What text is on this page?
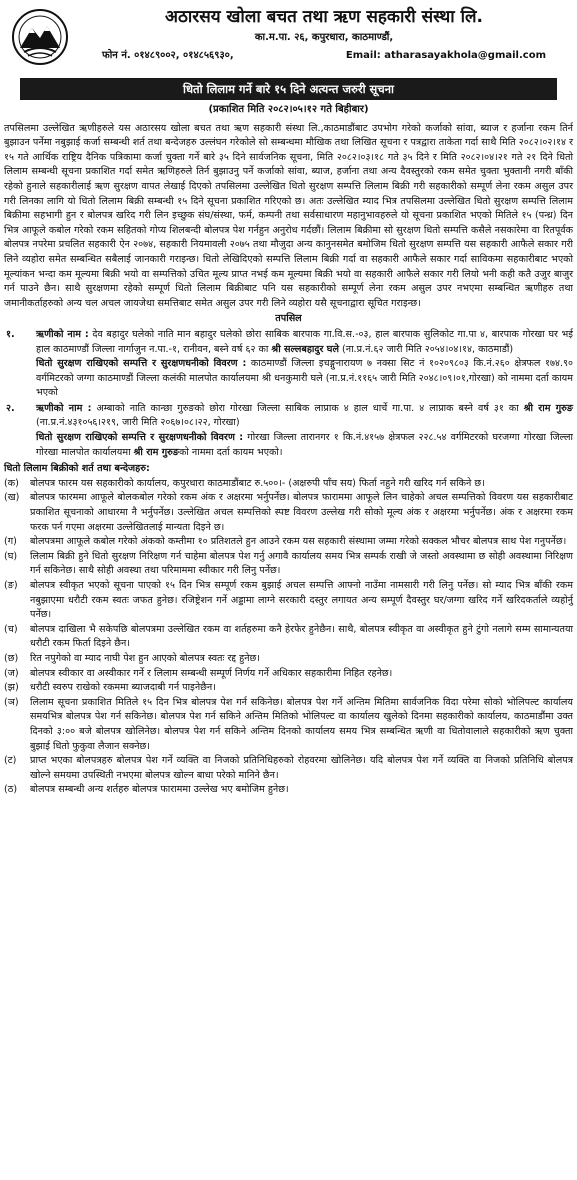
अठारसय खोला बचत तथा ऋण सहकारी संस्था लि.
का.म.पा. २६, कपुरधारा, काठमाण्डौं,
फोन नं. ०१४८९००२, ०१४८५६९३०,	Email: atharasayakhola@gmail.com
धितो लिलाम गर्ने बारे १५ दिने अत्यन्त जरुरी सूचना
(प्रकाशित मिति २०८२।०५।१२ गते बिहीबार)

तपसिलमा उल्लेखित ऋणीहरुले यस अठारसय खोला बचत तथा ऋण सहकारी संस्था लि.,काठमाडौंबाट उपभोग गरेको कर्जाको सांवा, ब्याज र हर्जाना रकम तिर्न बुझाउन पर्नेमा नबुझाई कर्जा सम्बन्धी शर्त तथा बन्देजहरु उल्लंघन गरेकोले सो सम्बन्धमा मौखिक तथा लिखित सूचना र पत्रद्वारा ताकेता गर्दा साथै मिति २०८२।०२।१४ र १५ गते आर्थिक राष्ट्रिय दैनिक पत्रिकामा कर्जा चुक्ता गर्ने बारे ३५ दिने सार्वजनिक सूचना, मिति २०८२।०३।१८ गते ३५ दिने र मिति २०८२।०४।२१ गते २१ दिने धितो लिलाम सम्बन्धी सूचना प्रकाशित गर्दा समेत ऋणिहरुले तिर्न बुझाउनु पर्ने कर्जाको सांवा, ब्याज, हर्जाना तथा अन्य दैवस्तुरको रकम समेत चुक्ता भुक्तानी नगरी बाँकी रहेको हुनाले सहकारीलाई ऋण सुरक्षण वापत लेखाई दिएको तपसिलमा उल्लेखित धितो सुरक्षण सम्पत्ति लिलाम बिक्री गरी सहकारीको सम्पूर्ण लेना रकम असुल उपर गरी लिनका लागि यो धितो लिलाम बिक्री सम्बन्धी १५ दिने सूचना प्रकाशित गरिएको छ। अतः उल्लेखित म्याद भित्र तपसिलमा उल्लेखित धितो सुरक्षण सम्पत्ति लिलाम बिक्रीमा सहभागी हुन र बोलपत्र खरिद गरी लिन इच्छुक संघ/संस्था, फर्म, कम्पनी तथा सर्वसाधारण महानुभावहरुले यो सूचना प्रकाशित भएको मितिले १५ (पन्ध्र) दिन भित्र आफूले कबोल गरेको रकम सहितको गोप्य शिलबन्दी बोलपत्र पेश गर्नहुन अनुरोध गर्दछौं। लिलाम बिक्रीमा सो सुरक्षण धितो सम्पत्ति कसैले नसकारेमा वा रितपूर्वक बोलपत्र नपरेमा प्रचलित सहकारी ऐन २०७४, सहकारी नियमावली २०७५ तथा मौजुदा अन्य कानुनसमेत बमोजिम धितो सुरक्षण सम्पत्ति यस सहकारी आफैले सकार गरी लिने व्यहोरा समेत सम्बन्धित सबैलाई जानकारी गराइन्छ। धितो लेखिदिएको सम्पत्ति लिलाम बिक्री गर्दा वा सहकारी आफैले सकार गर्दा साविकमा सहकारीबाट भएको मूल्यांकन भन्दा कम मूल्यमा बिक्री भयो वा सम्पत्तिको उचित मूल्य प्राप्त नभई कम मूल्यमा बिक्री भयो वा सहकारी आफैले सकार गरी लियो भनी कही कतै उजुर बाजुर गर्न पाउने छैन। साथै सुरक्षणमा रहेको सम्पूर्ण धितो लिलाम बिक्रीबाट पनि यस सहकारीको सम्पूर्ण लेना रकम असुल उपर नभएमा सम्बन्धित ऋणीहरु तथा जमानीकर्ताहरुको अन्य चल अचल जायजेथा समत्तिबाट समेत असुल उपर गरी लिने व्यहोरा यसै सूचनाद्वारा सूचित गराइन्छ।

तपसिल
१.	ऋणीको नाम : देव बहादुर घलेको नाति मान बहादुर घलेको छोरा साबिक बारपाक गा.वि.स.-०३, हाल बारपाक सुलिकोट गा.पा ४, बारपाक गोरखा घर भई हाल काठमाण्डौं जिल्ला नार्गाजुन न.पा.-१, रानीवन, बस्ने वर्ष ६२ का श्री सल्लबहादुर घले (ना.प्र.नं.६२ जारी मिति २०५४।०४।१४, काठमाडौं)
धितो सुरक्षण राखिएको सम्पत्ति र सुरक्षणधनीको विवरण : काठमाण्डौं जिल्ला इचङ्गुनारायण ७ नक्सा सिट नं १०२०९८०३ कि.नं.२६० क्षेत्रफल १७४.९० वर्गमिटरको जग्गा काठमाण्डौं जिल्ला कलंकी मालपोत कार्यालयमा श्री धनकुमारी घले (ना.प्र.नं.११६५ जारी मिति २०४८।०९।०१,गोरखा) को नाममा दर्ता कायम भएको
२.	ऋणीको नाम : अम्बाको नाति कान्छा गुरुङको छोरा गोरखा जिल्ला साबिक लाप्राक ४ हाल धार्चे गा.पा. ४ लाप्राक बस्ने वर्ष ३१ का श्री राम गुरुङ (ना.प्र.नं.४३१०५६।२१९, जारी मिति २०६७।०८।२२, गोरखा)
धितो सुरक्षण राखिएको सम्पत्ति र सुरक्षणधनीको विवरण : गोरखा जिल्ला तारानगर १ कि.नं.४१५७ क्षेत्रफल २२८.५४ वर्गमिटरको घरजग्गा गोरखा जिल्ला गोरखा मालपोत कार्यालयमा श्री राम गुरुङको नाममा दर्ता कायम भएको।
धितो लिलाम बिक्रीको शर्त तथा बन्देजहरु:
(क)	बोलपत्र फारम यस सहकारीको कार्यालय, कपुरधारा काठमाडौंबाट रु.५००।- (अक्षरुपी पाँच सय) फिर्ता नहुने गरी खरिद गर्न सकिने छ।
(ख)	बोलपत्र फारममा आफूले बोलकबोल गरेको रकम अंक र अक्षरमा भर्नुपर्नेछ। बोलपत्र फाराममा आफूले लिन चाहेको अचल सम्पत्तिको विवरण यस सहकारीबाट प्रकाशित सूचनाको आधारमा नै भर्नुपर्नेछ। उल्लेखित अचल सम्पत्तिको स्पष्ट विवरण उल्लेख गरी सोको मूल्य अंक र अक्षरमा भर्नुपर्नेछ। अंक र अक्षरमा रकम फरक पर्न गएमा अक्षरमा उल्लेखितलाई मान्यता दिइने छ।
(ग)	बोलपत्रमा आफूले कबोल गरेको अंकको कम्तीमा १० प्रतिशतले हुन आउने रकम यस सहकारी संस्थामा जम्मा गरेको सक्कल भौचर बोलपत्र साथ पेश गनुपर्नेछ।
(घ)	लिलाम बिक्री हुने धितो सुरक्षण निरिक्षण गर्न चाहेमा बोलपत्र पेश गर्नु अगावै कार्यालय समय भित्र सम्पर्क राखी जे जस्तो अवस्थामा छ सोही अवस्थामा निरिक्षण गर्न सकिनेछ। साथै सोही अवस्था तथा परिमाममा स्वीकार गरी लिनु पर्नेछ।
(ङ)	बोलपत्र स्वीकृत भएको सूचना पाएको १५ दिन भित्र सम्पूर्ण रकम बुझाई अचल सम्पत्ति आफ्नो नाउँमा नामसारी गरी लिनु पर्नेछ। सो म्याद भित्र बाँकी रकम नबुझाएमा धरौटी रकम स्वतः जफत हुनेछ। रजिष्ट्रेशन गर्ने अड्डामा लाग्ने सरकारी दस्तुर लगायत अन्य सम्पूर्ण दैवस्तुर घर/जग्गा खरिद गर्ने खरिदकर्ताले व्यहोर्नु पर्नेछ।
(च)	बोलपत्र दाखिला भै सकेपछि बोलपत्रमा उल्लेखित रकम वा शर्तहरुमा कनै हेरफेर हुनेछैन। साथै, बोलपत्र स्वीकृत वा अस्वीकृत हुने टुंगो नलागे सम्म सामान्यतया धरौटी रकम फिर्ता दिइने छैन।
(छ)	रित नपुगेको वा म्याद नाघी पेश हुन आएको बोलपत्र स्वतः रद्द हुनेछ।
(ज)	बोलपत्र स्वीकार वा अस्वीकार गर्ने र लिलाम सम्बन्धी सम्पूर्ण निर्णय गर्ने अधिकार सहकारीमा निहित रहनेछ।
(झ)	धरौटी स्वरुप राखेको रकममा ब्याजदाबी गर्न पाइनेछैन।
(ञ)	लिलाम सूचना प्रकाशित मितिले १५ दिन भित्र बोलपत्र पेश गर्न सकिनेछ। बोलपत्र पेश गर्ने अन्तिम मितिमा सार्वजनिक विदा परेमा सोको भोलिपल्ट कार्यालय समयभित्र बोलपत्र पेश गर्न सकिनेछ। बोलपत्र पेश गर्न सकिने अन्तिम मितिको भोलिपल्ट वा कार्यालय खुलेको दिनमा सहकारीको कार्यालय, काठमाडौंमा उक्त दिनको ३:०० बजे बोलपत्र खोलिनेछ। बोलपत्र पेश गर्न सकिने अन्तिम दिनको कार्यालय समय भित्र सम्बन्धित ऋणी वा धितोवालाले सहकारीको ऋण चुक्ता बुझाई धितो फुकुवा लैजान सक्नेछ।
(ट)	प्राप्त भएका बोलपत्रहरु बोलपत्र पेश गर्ने व्यक्ति वा निजको प्रतिनिधिहरुको रोहवरमा खोलिनेछ। यदि बोलपत्र पेश गर्ने व्यक्ति वा निजको प्रतिनिधि बोलपत्र खोल्ने समयमा उपस्थिती नभएमा बोलपत्र खोल्न बाधा परेको मानिने छैन।
(ठ)	बोलपत्र सम्बन्धी अन्य शर्तहरु बोलपत्र फाराममा उल्लेख भए बमोजिम हुनेछ।
